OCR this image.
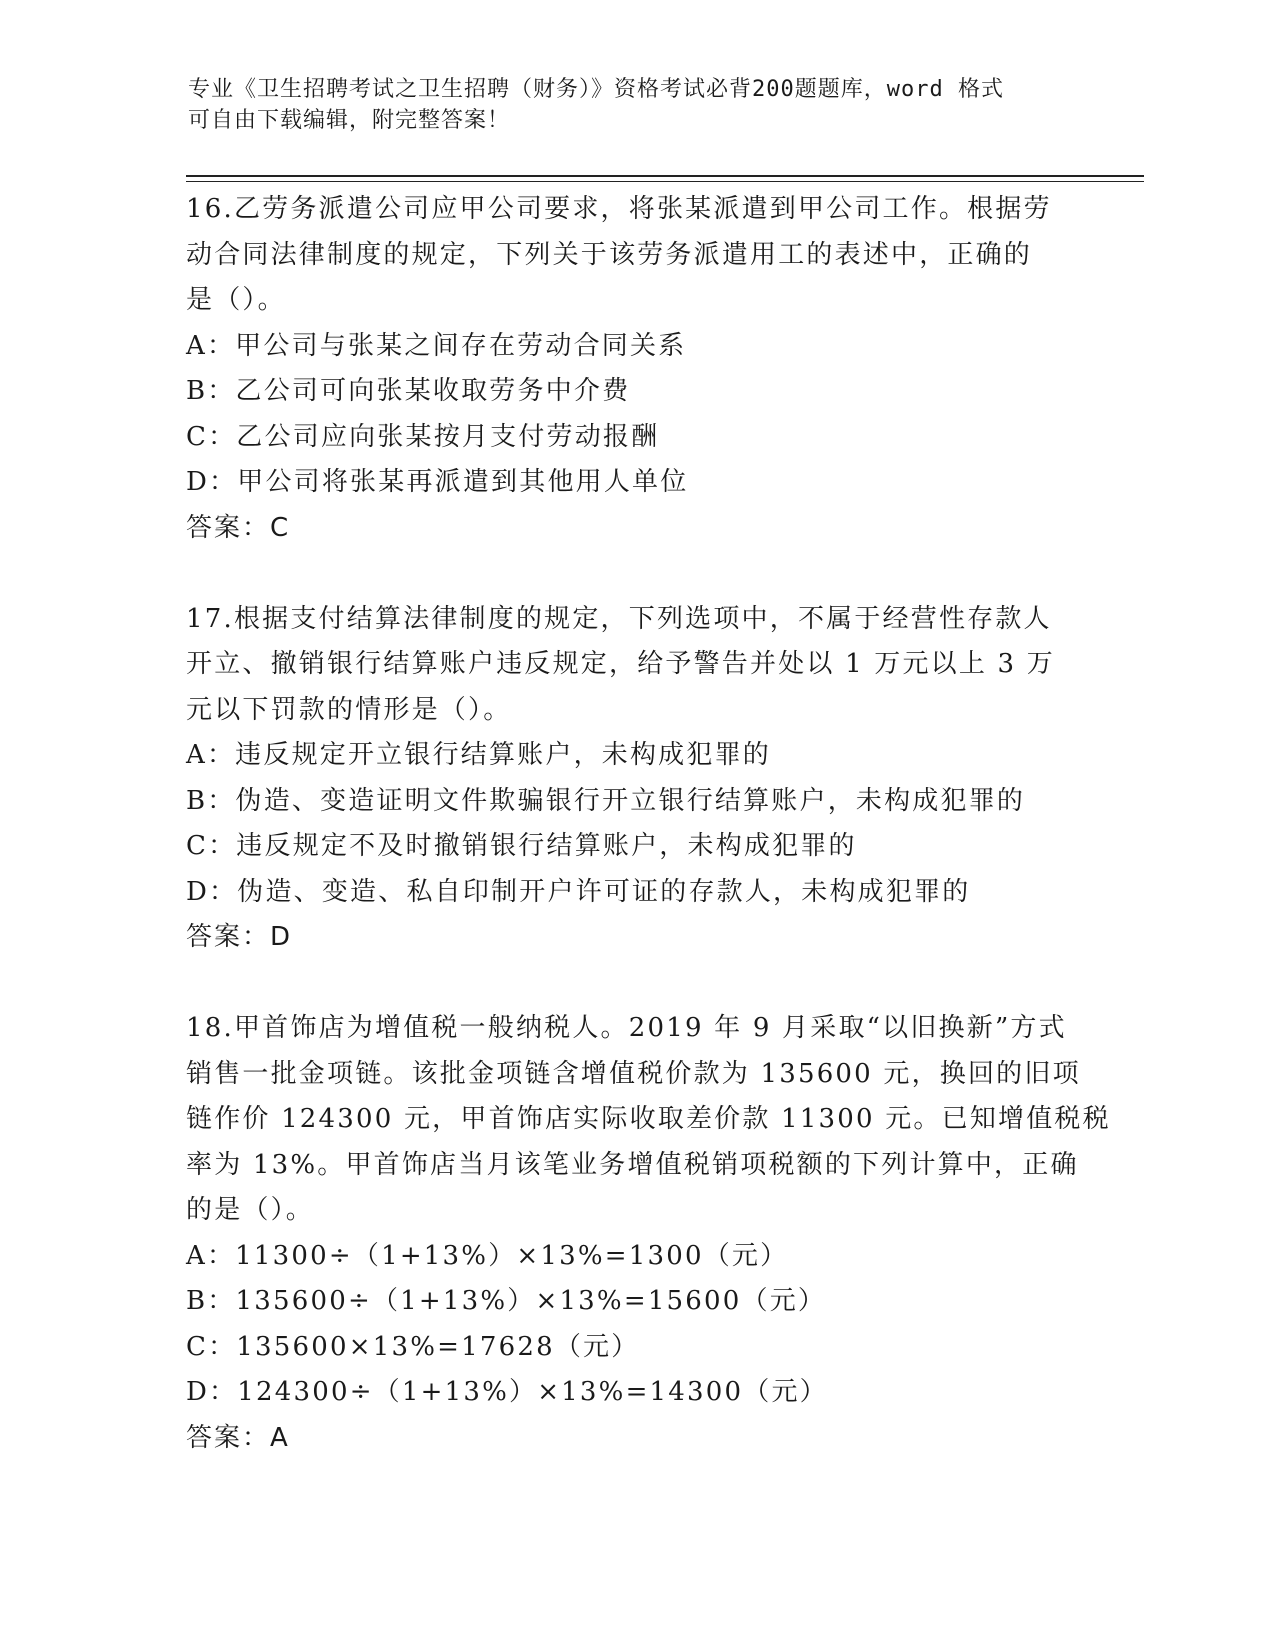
专业《卫生招聘考试之卫生招聘（财务）》资格考试必背200题题库，word 格式
可自由下载编辑，附完整答案！
16.乙劳务派遣公司应甲公司要求，将张某派遣到甲公司工作。根据劳
动合同法律制度的规定，下列关于该劳务派遣用工的表述中，正确的
是（）。
A：甲公司与张某之间存在劳动合同关系
B：乙公司可向张某收取劳务中介费
C：乙公司应向张某按月支付劳动报酬
D：甲公司将张某再派遣到其他用人单位
答案：C
17.根据支付结算法律制度的规定，下列选项中，不属于经营性存款人
开立、撤销银行结算账户违反规定，给予警告并处以 1 万元以上 3 万
元以下罚款的情形是（）。
A：违反规定开立银行结算账户，未构成犯罪的
B：伪造、变造证明文件欺骗银行开立银行结算账户，未构成犯罪的
C：违反规定不及时撤销银行结算账户，未构成犯罪的
D：伪造、变造、私自印制开户许可证的存款人，未构成犯罪的
答案：D
18.甲首饰店为增值税一般纳税人。2019 年 9 月采取“以旧换新”方式
销售一批金项链。该批金项链含增值税价款为 135600 元，换回的旧项
链作价 124300 元，甲首饰店实际收取差价款 11300 元。已知增值税税
率为 13%。甲首饰店当月该笔业务增值税销项税额的下列计算中，正确
的是（）。
A：11300÷（1+13%）×13%=1300（元）
B：135600÷（1+13%）×13%=15600（元）
C：135600×13%=17628（元）
D：124300÷（1+13%）×13%=14300（元）
答案：A
